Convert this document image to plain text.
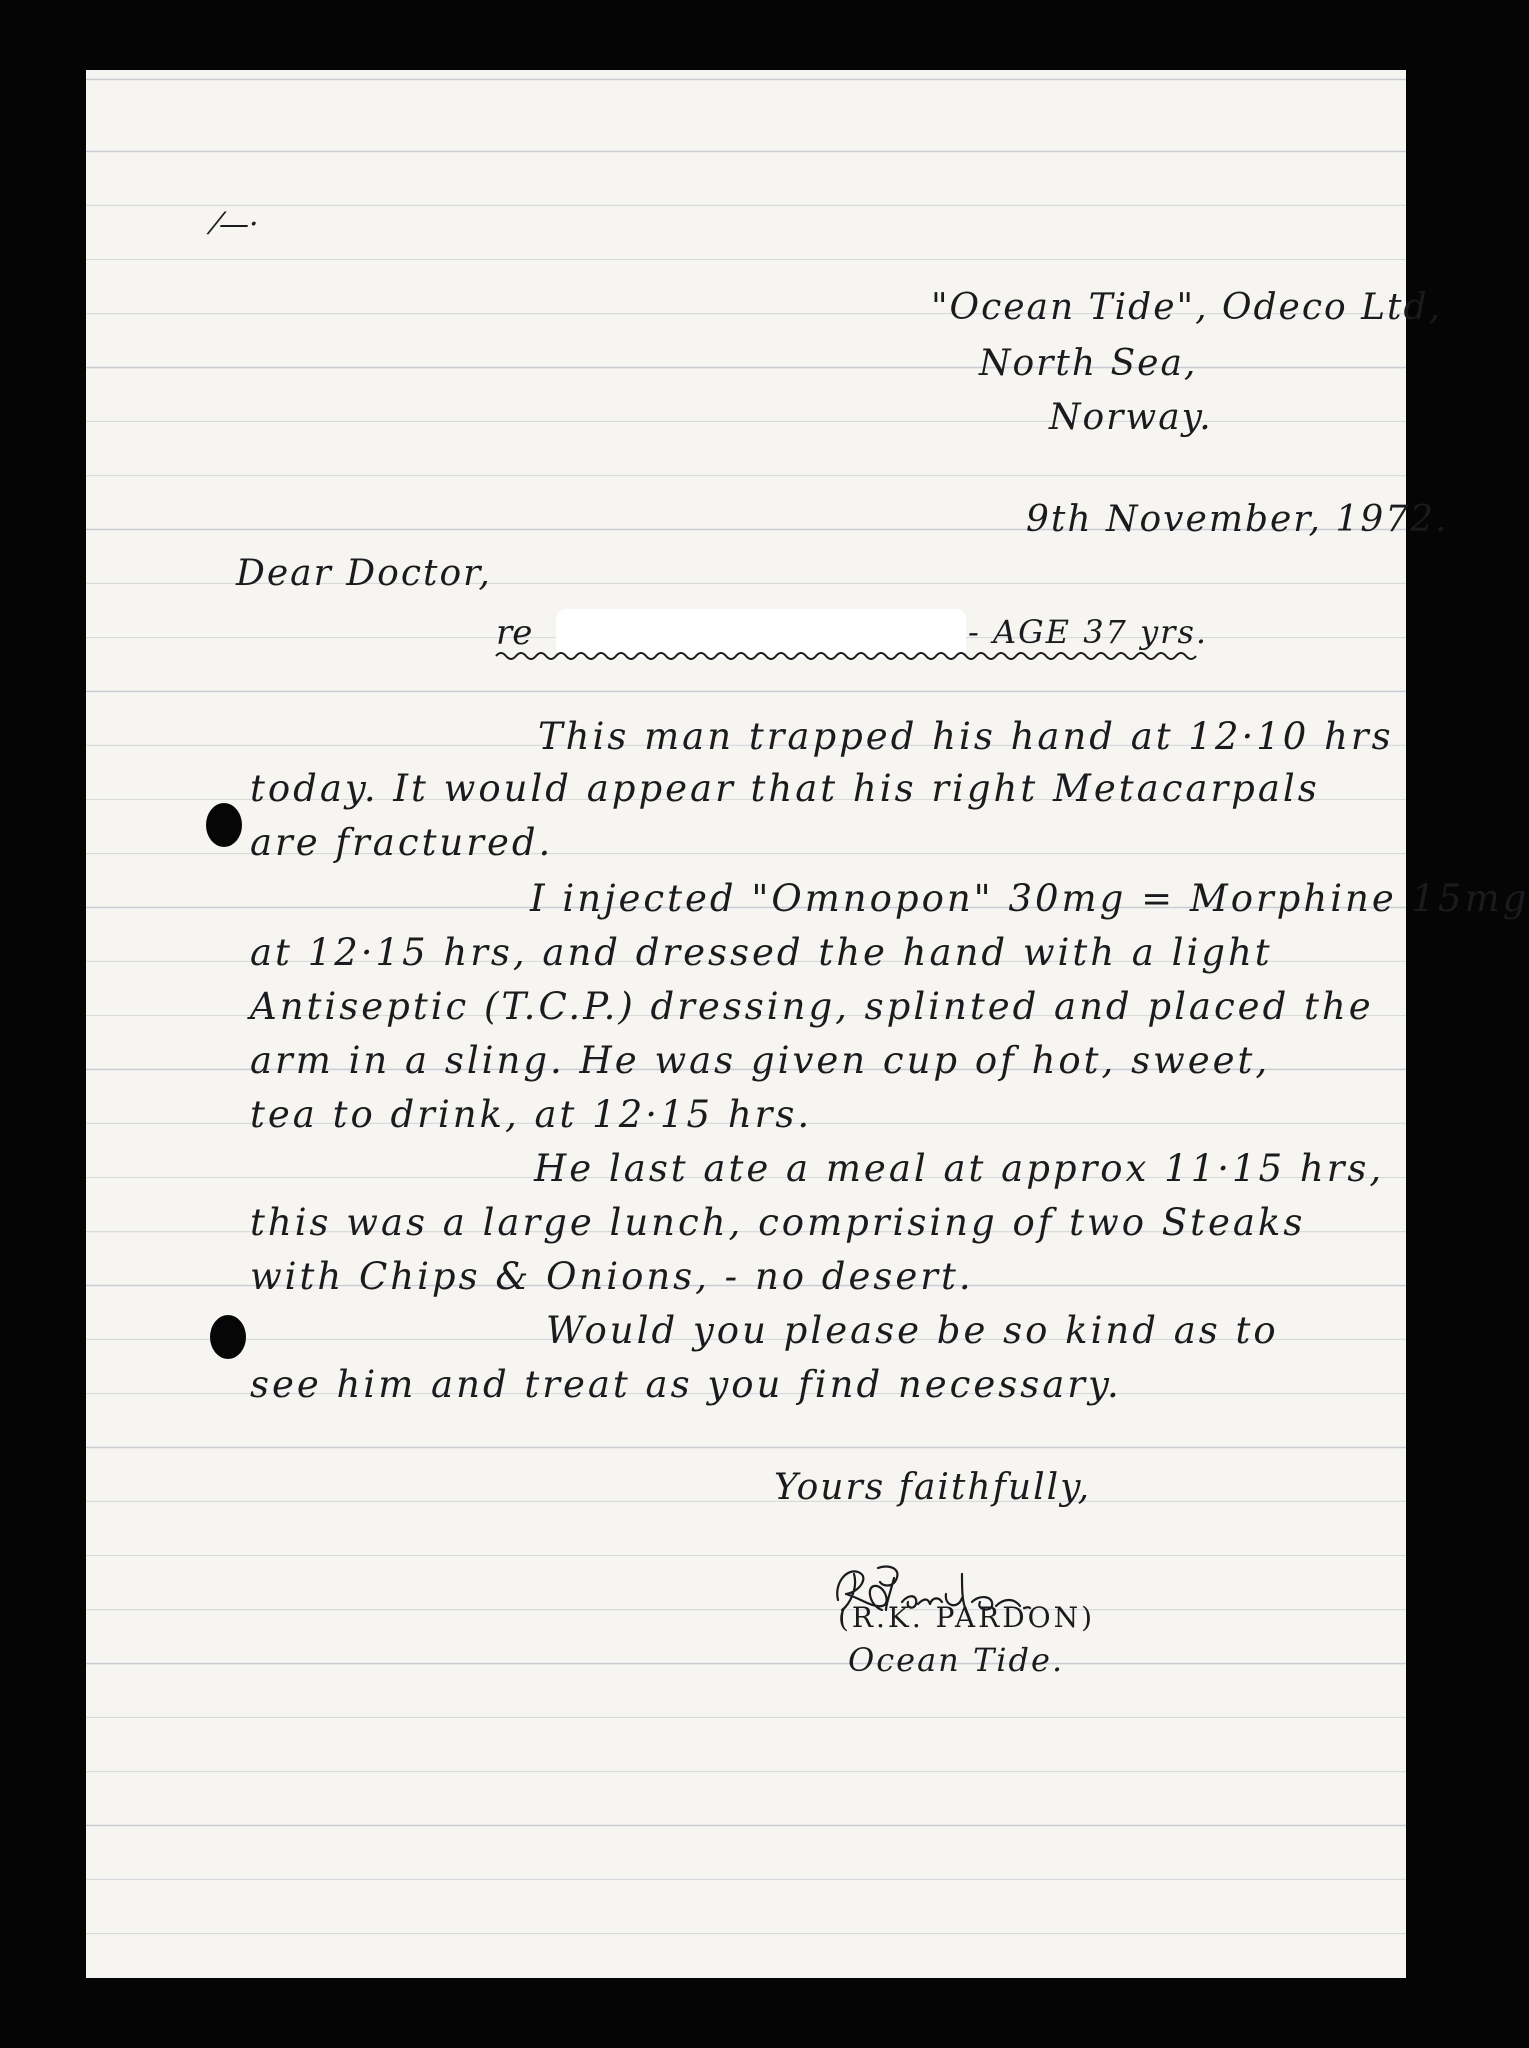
⁄—·
"Ocean Tide", Odeco Ltd,
North Sea,
Norway.
9th November, 1972.
Dear Doctor,
re	- AGE 37 yrs.
This man trapped his hand at 12·10 hrs
today. It would appear that his right Metacarpals
are fractured.
I injected "Omnopon" 30mg = Morphine 15mg
at 12·15 hrs, and dressed the hand with a light
Antiseptic (T.C.P.) dressing, splinted and placed the
arm in a sling. He was given cup of hot, sweet,
tea to drink, at 12·15 hrs.
He last ate a meal at approx 11·15 hrs,
this was a large lunch, comprising of two Steaks
with Chips & Onions, - no desert.
Would you please be so kind as to
see him and treat as you find necessary.
Yours faithfully,
(R.K. PARDON)
Ocean Tide.
